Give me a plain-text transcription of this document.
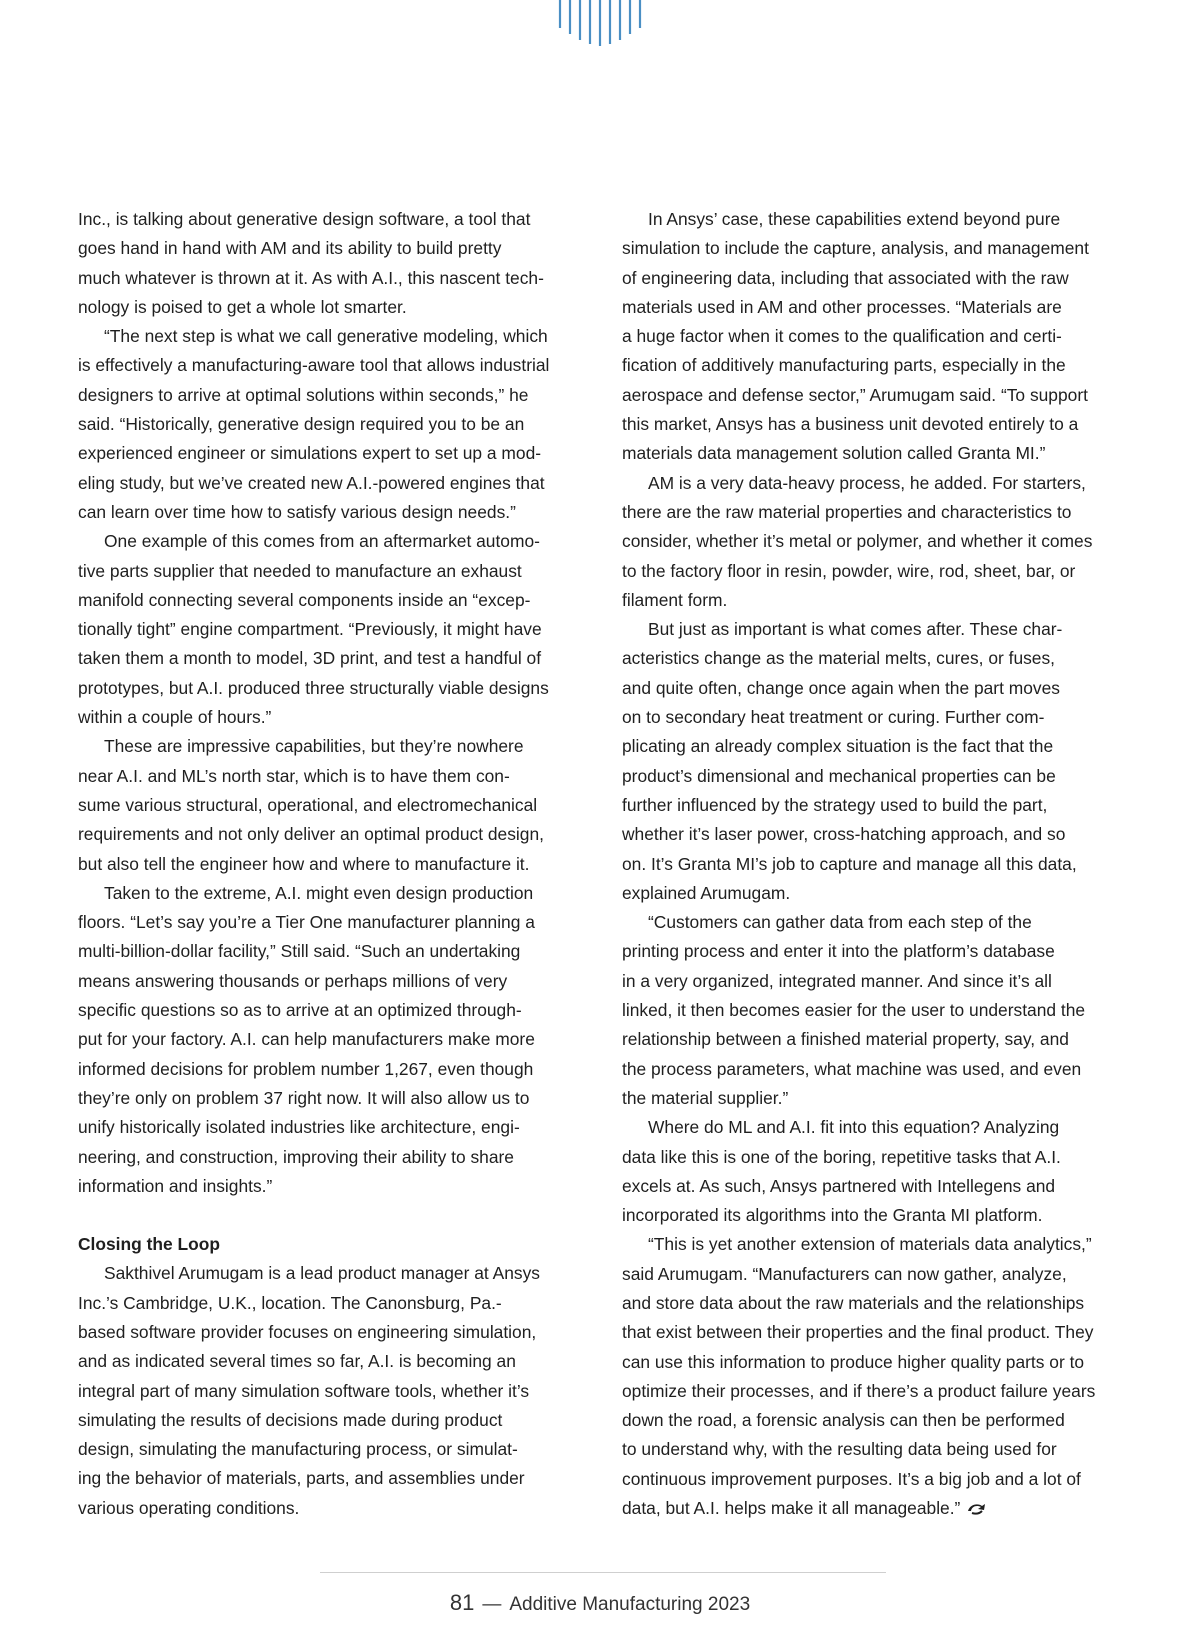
Inc., is talking about generative design software, a tool that
goes hand in hand with AM and its ability to build pretty
much whatever is thrown at it. As with A.I., this nascent tech-
nology is poised to get a whole lot smarter.
“The next step is what we call generative modeling, which
is effectively a manufacturing-aware tool that allows industrial
designers to arrive at optimal solutions within seconds,” he
said. “Historically, generative design required you to be an
experienced engineer or simulations expert to set up a mod-
eling study, but we’ve created new A.I.-powered engines that
can learn over time how to satisfy various design needs.”
One example of this comes from an aftermarket automo-
tive parts supplier that needed to manufacture an exhaust
manifold connecting several components inside an “excep-
tionally tight” engine compartment. “Previously, it might have
taken them a month to model, 3D print, and test a handful of
prototypes, but A.I. produced three structurally viable designs
within a couple of hours.”
These are impressive capabilities, but they’re nowhere
near A.I. and ML’s north star, which is to have them con-
sume various structural, operational, and electromechanical
requirements and not only deliver an optimal product design,
but also tell the engineer how and where to manufacture it.
Taken to the extreme, A.I. might even design production
floors. “Let’s say you’re a Tier One manufacturer planning a
multi-billion-dollar facility,” Still said. “Such an undertaking
means answering thousands or perhaps millions of very
specific questions so as to arrive at an optimized through-
put for your factory. A.I. can help manufacturers make more
informed decisions for problem number 1,267, even though
they’re only on problem 37 right now. It will also allow us to
unify historically isolated industries like architecture, engi-
neering, and construction, improving their ability to share
information and insights.”
Closing the Loop
Sakthivel Arumugam is a lead product manager at Ansys
Inc.’s Cambridge, U.K., location. The Canonsburg, Pa.-
based software provider focuses on engineering simulation,
and as indicated several times so far, A.I. is becoming an
integral part of many simulation software tools, whether it’s
simulating the results of decisions made during product
design, simulating the manufacturing process, or simulat-
ing the behavior of materials, parts, and assemblies under
various operating conditions.
In Ansys’ case, these capabilities extend beyond pure
simulation to include the capture, analysis, and management
of engineering data, including that associated with the raw
materials used in AM and other processes. “Materials are
a huge factor when it comes to the qualification and certi-
fication of additively manufacturing parts, especially in the
aerospace and defense sector,” Arumugam said. “To support
this market, Ansys has a business unit devoted entirely to a
materials data management solution called Granta MI.”
AM is a very data-heavy process, he added. For starters,
there are the raw material properties and characteristics to
consider, whether it’s metal or polymer, and whether it comes
to the factory floor in resin, powder, wire, rod, sheet, bar, or
filament form.
But just as important is what comes after. These char-
acteristics change as the material melts, cures, or fuses,
and quite often, change once again when the part moves
on to secondary heat treatment or curing. Further com-
plicating an already complex situation is the fact that the
product’s dimensional and mechanical properties can be
further influenced by the strategy used to build the part,
whether it’s laser power, cross-hatching approach, and so
on. It’s Granta MI’s job to capture and manage all this data,
explained Arumugam.
“Customers can gather data from each step of the
printing process and enter it into the platform’s database
in a very organized, integrated manner. And since it’s all
linked, it then becomes easier for the user to understand the
relationship between a finished material property, say, and
the process parameters, what machine was used, and even
the material supplier.”
Where do ML and A.I. fit into this equation? Analyzing
data like this is one of the boring, repetitive tasks that A.I.
excels at. As such, Ansys partnered with Intellegens and
incorporated its algorithms into the Granta MI platform.
“This is yet another extension of materials data analytics,”
said Arumugam. “Manufacturers can now gather, analyze,
and store data about the raw materials and the relationships
that exist between their properties and the final product. They
can use this information to produce higher quality parts or to
optimize their processes, and if there’s a product failure years
down the road, a forensic analysis can then be performed
to understand why, with the resulting data being used for
continuous improvement purposes. It’s a big job and a lot of
data, but A.I. helps make it all manageable.”
81 — Additive Manufacturing 2023
